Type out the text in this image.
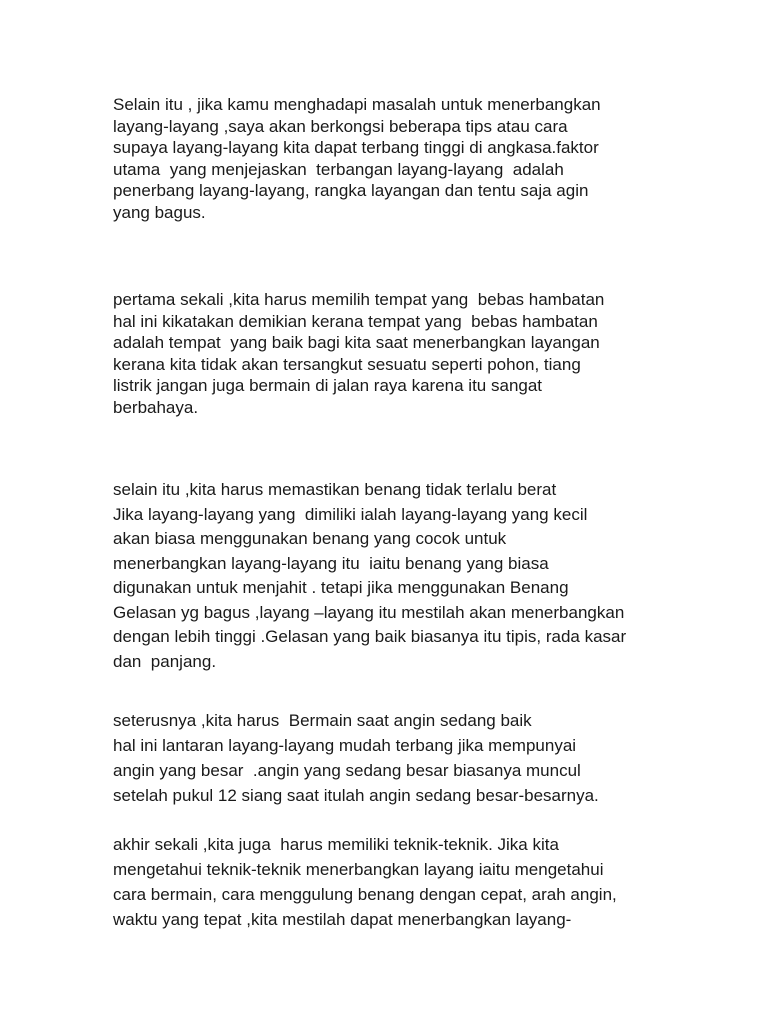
Selain itu , jika kamu menghadapi masalah untuk menerbangkan
layang-layang ,saya akan berkongsi beberapa tips atau cara
supaya layang-layang kita dapat terbang tinggi di angkasa.faktor
utama  yang menjejaskan  terbangan layang-layang  adalah
penerbang layang-layang, rangka layangan dan tentu saja agin
yang bagus.

pertama sekali ,kita harus memilih tempat yang  bebas hambatan
hal ini kikatakan demikian kerana tempat yang  bebas hambatan
adalah tempat  yang baik bagi kita saat menerbangkan layangan
kerana kita tidak akan tersangkut sesuatu seperti pohon, tiang
listrik jangan juga bermain di jalan raya karena itu sangat
berbahaya.

selain itu ,kita harus memastikan benang tidak terlalu berat
Jika layang-layang yang  dimiliki ialah layang-layang yang kecil
akan biasa menggunakan benang yang cocok untuk
menerbangkan layang-layang itu  iaitu benang yang biasa
digunakan untuk menjahit . tetapi jika menggunakan Benang
Gelasan yg bagus ,layang –layang itu mestilah akan menerbangkan
dengan lebih tinggi .Gelasan yang baik biasanya itu tipis, rada kasar
dan  panjang.

seterusnya ,kita harus  Bermain saat angin sedang baik
hal ini lantaran layang-layang mudah terbang jika mempunyai
angin yang besar  .angin yang sedang besar biasanya muncul
setelah pukul 12 siang saat itulah angin sedang besar-besarnya.

akhir sekali ,kita juga  harus memiliki teknik-teknik. Jika kita
mengetahui teknik-teknik menerbangkan layang iaitu mengetahui
cara bermain, cara menggulung benang dengan cepat, arah angin,
waktu yang tepat ,kita mestilah dapat menerbangkan layang-
